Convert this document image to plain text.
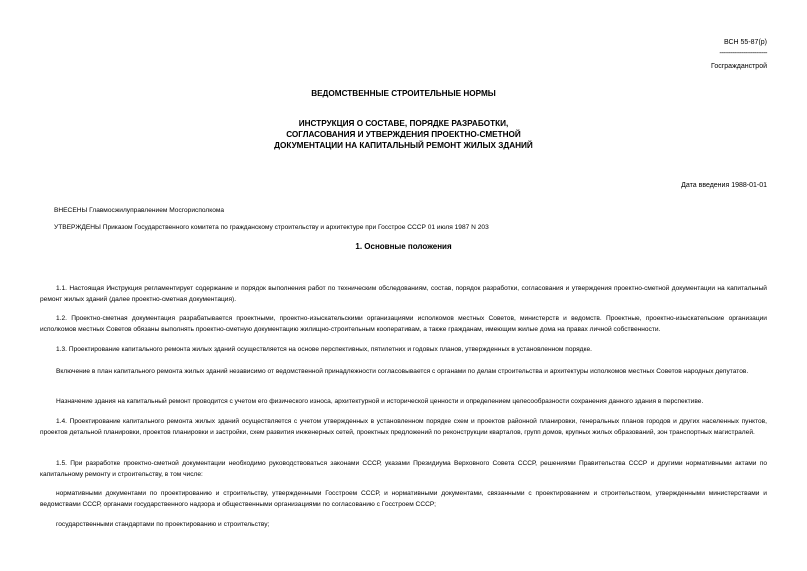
ВСН 55-87(р)
--------------------------
Госгражданстрой
ВЕДОМСТВЕННЫЕ СТРОИТЕЛЬНЫЕ НОРМЫ
ИНСТРУКЦИЯ О СОСТАВЕ, ПОРЯДКЕ РАЗРАБОТКИ,
СОГЛАСОВАНИЯ И УТВЕРЖДЕНИЯ ПРОЕКТНО-СМЕТНОЙ
ДОКУМЕНТАЦИИ НА КАПИТАЛЬНЫЙ РЕМОНТ ЖИЛЫХ ЗДАНИЙ
Дата введения 1988-01-01
ВНЕСЕНЫ Главмосжилуправлением Мосгорисполкома
УТВЕРЖДЕНЫ Приказом Государственного комитета по гражданскому строительству и архитектуре при Госстрое СССР 01 июля 1987 N 203
1. Основные положения
1.1. Настоящая Инструкция регламентирует содержание и порядок выполнения работ по техническим обследованиям, состав, порядок разработки, согласования и утверждения проектно-сметной документации на капитальный ремонт жилых зданий (далее проектно-сметная документация).
1.2. Проектно-сметная документация разрабатывается проектными, проектно-изыскательскими организациями исполкомов местных Советов, министерств и ведомств. Проектные, проектно-изыскательские организации исполкомов местных Советов обязаны выполнять проектно-сметную документацию жилищно-строительным кооперативам, а также гражданам, имеющим жилые дома на правах личной собственности.
1.3. Проектирование капитального ремонта жилых зданий осуществляется на основе перспективных, пятилетних и годовых планов, утвержденных в установленном порядке.
Включение в план капитального ремонта жилых зданий независимо от ведомственной принадлежности согласовывается с органами по делам строительства и архитектуры исполкомов местных Советов народных депутатов.
Назначение здания на капитальный ремонт проводится с учетом его физического износа, архитектурной и исторической ценности и определением целесообразности сохранения данного здания в перспективе.
1.4. Проектирование капитального ремонта жилых зданий осуществляется с учетом утвержденных в установленном порядке схем и проектов районной планировки, генеральных планов городов и других населенных пунктов, проектов детальной планировки, проектов планировки и застройки, схем развития инженерных сетей, проектных предложений по реконструкции кварталов, групп домов, крупных жилых образований, зон транспортных магистралей.
1.5. При разработке проектно-сметной документации необходимо руководствоваться законами СССР, указами Президиума Верховного Совета СССР, решениями Правительства СССР и другими нормативными актами по капитальному ремонту и строительству, в том числе:
нормативными документами по проектированию и строительству, утвержденными Госстроем СССР, и нормативными документами, связанными с проектированием и строительством, утвержденными министерствами и ведомствами СССР, органами государственного надзора и общественными организациями по согласованию с Госстроем СССР;
государственными стандартами по проектированию и строительству;
